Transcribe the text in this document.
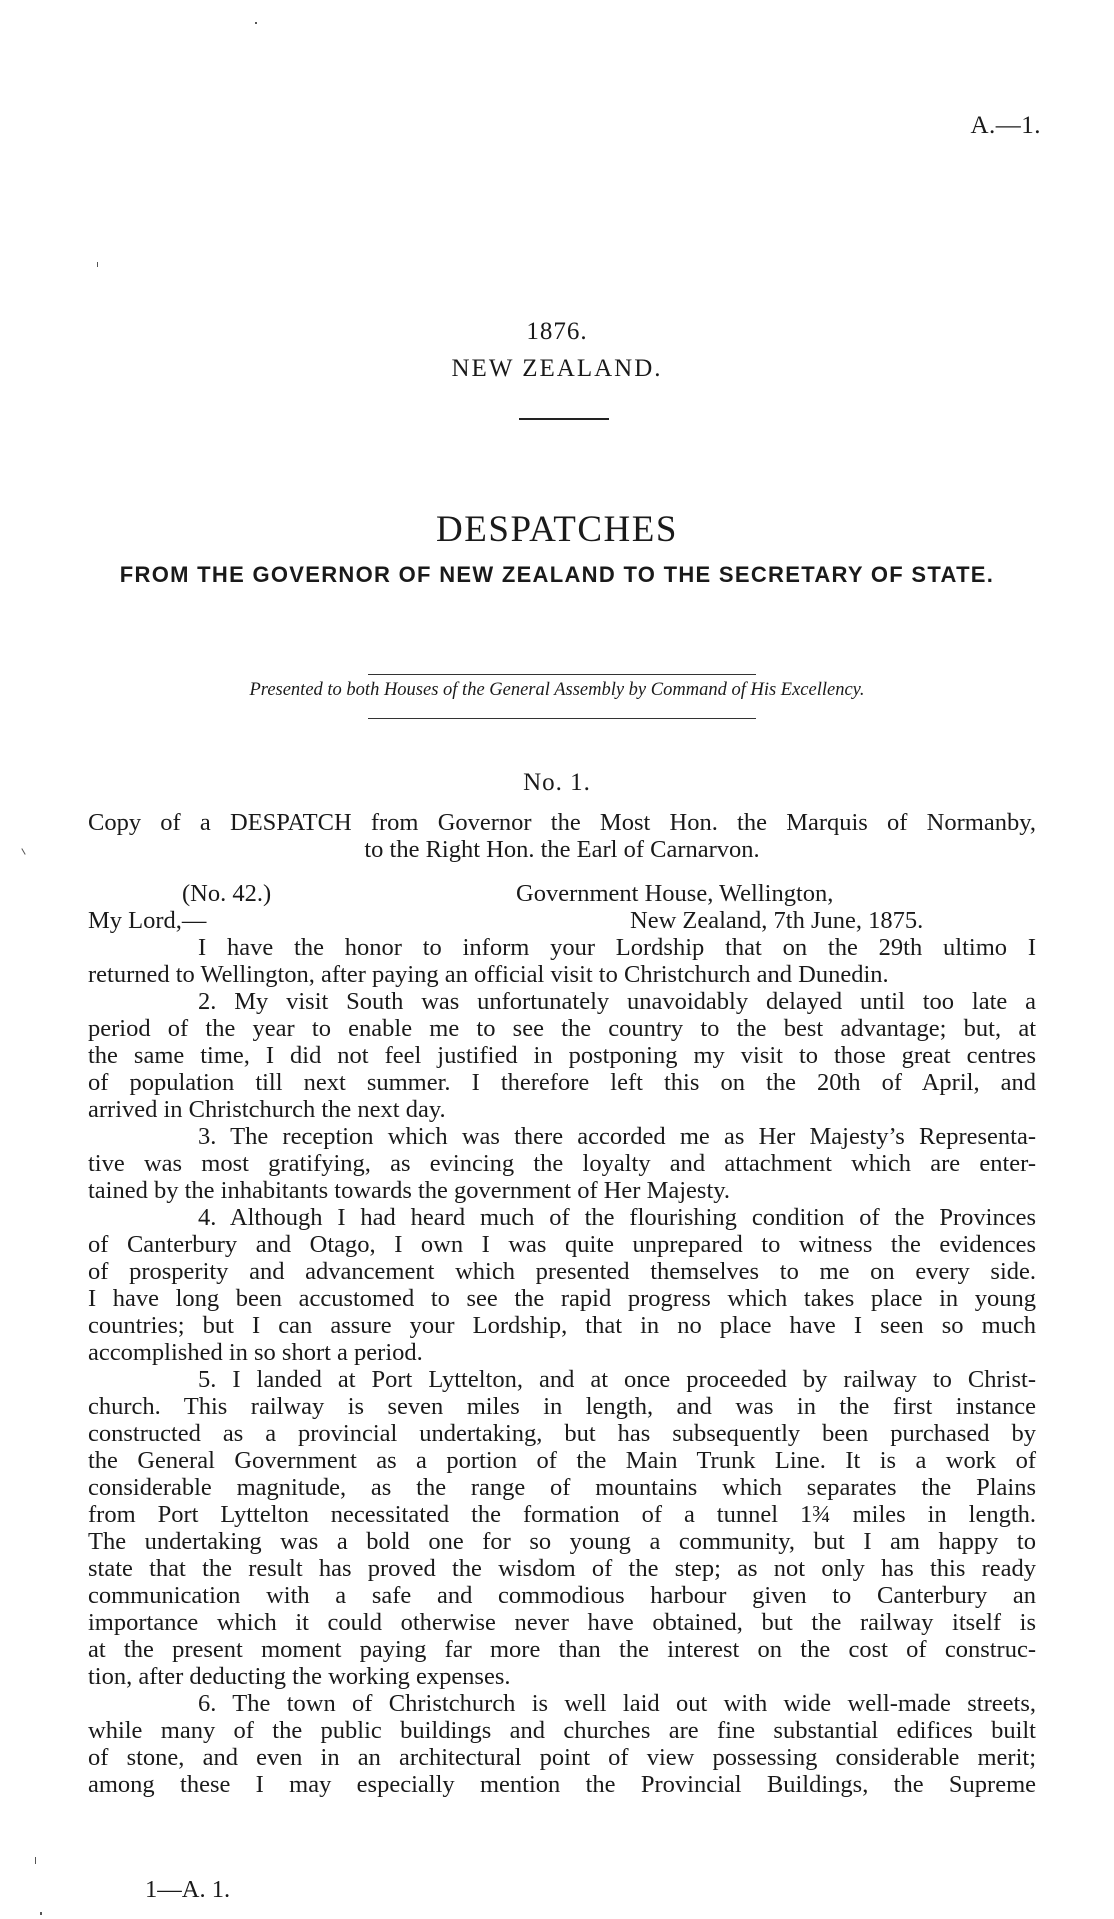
A.—1.
1876.
NEW ZEALAND.
DESPATCHES
FROM THE GOVERNOR OF NEW ZEALAND TO THE SECRETARY OF STATE.
Presented to both Houses of the General Assembly by Command of His Excellency.
No. 1.
Copy of a DESPATCH from Governor the Most Hon. the Marquis of Normanby,
to the Right Hon. the Earl of Carnarvon.
(No. 42.)	Government House, Wellington,
My Lord,—	New Zealand, 7th June, 1875.
I have the honor to inform your Lordship that on the 29th ultimo I
returned to Wellington, after paying an official visit to Christchurch and Dunedin.
2. My visit South was unfortunately unavoidably delayed until too late a
period of the year to enable me to see the country to the best advantage; but, at
the same time, I did not feel justified in postponing my visit to those great centres
of population till next summer. I therefore left this on the 20th of April, and
arrived in Christchurch the next day.
3. The reception which was there accorded me as Her Majesty’s Representa-
tive was most gratifying, as evincing the loyalty and attachment which are enter-
tained by the inhabitants towards the government of Her Majesty.
4. Although I had heard much of the flourishing condition of the Provinces
of Canterbury and Otago, I own I was quite unprepared to witness the evidences
of prosperity and advancement which presented themselves to me on every side.
I have long been accustomed to see the rapid progress which takes place in young
countries; but I can assure your Lordship, that in no place have I seen so much
accomplished in so short a period.
5. I landed at Port Lyttelton, and at once proceeded by railway to Christ-
church. This railway is seven miles in length, and was in the first instance
constructed as a provincial undertaking, but has subsequently been purchased by
the General Government as a portion of the Main Trunk Line. It is a work of
considerable magnitude, as the range of mountains which separates the Plains
from Port Lyttelton necessitated the formation of a tunnel 1¾ miles in length.
The undertaking was a bold one for so young a community, but I am happy to
state that the result has proved the wisdom of the step; as not only has this ready
communication with a safe and commodious harbour given to Canterbury an
importance which it could otherwise never have obtained, but the railway itself is
at the present moment paying far more than the interest on the cost of construc-
tion, after deducting the working expenses.
6. The town of Christchurch is well laid out with wide well-made streets,
while many of the public buildings and churches are fine substantial edifices built
of stone, and even in an architectural point of view possessing considerable merit;
among these I may especially mention the Provincial Buildings, the Supreme
1—A. 1.
